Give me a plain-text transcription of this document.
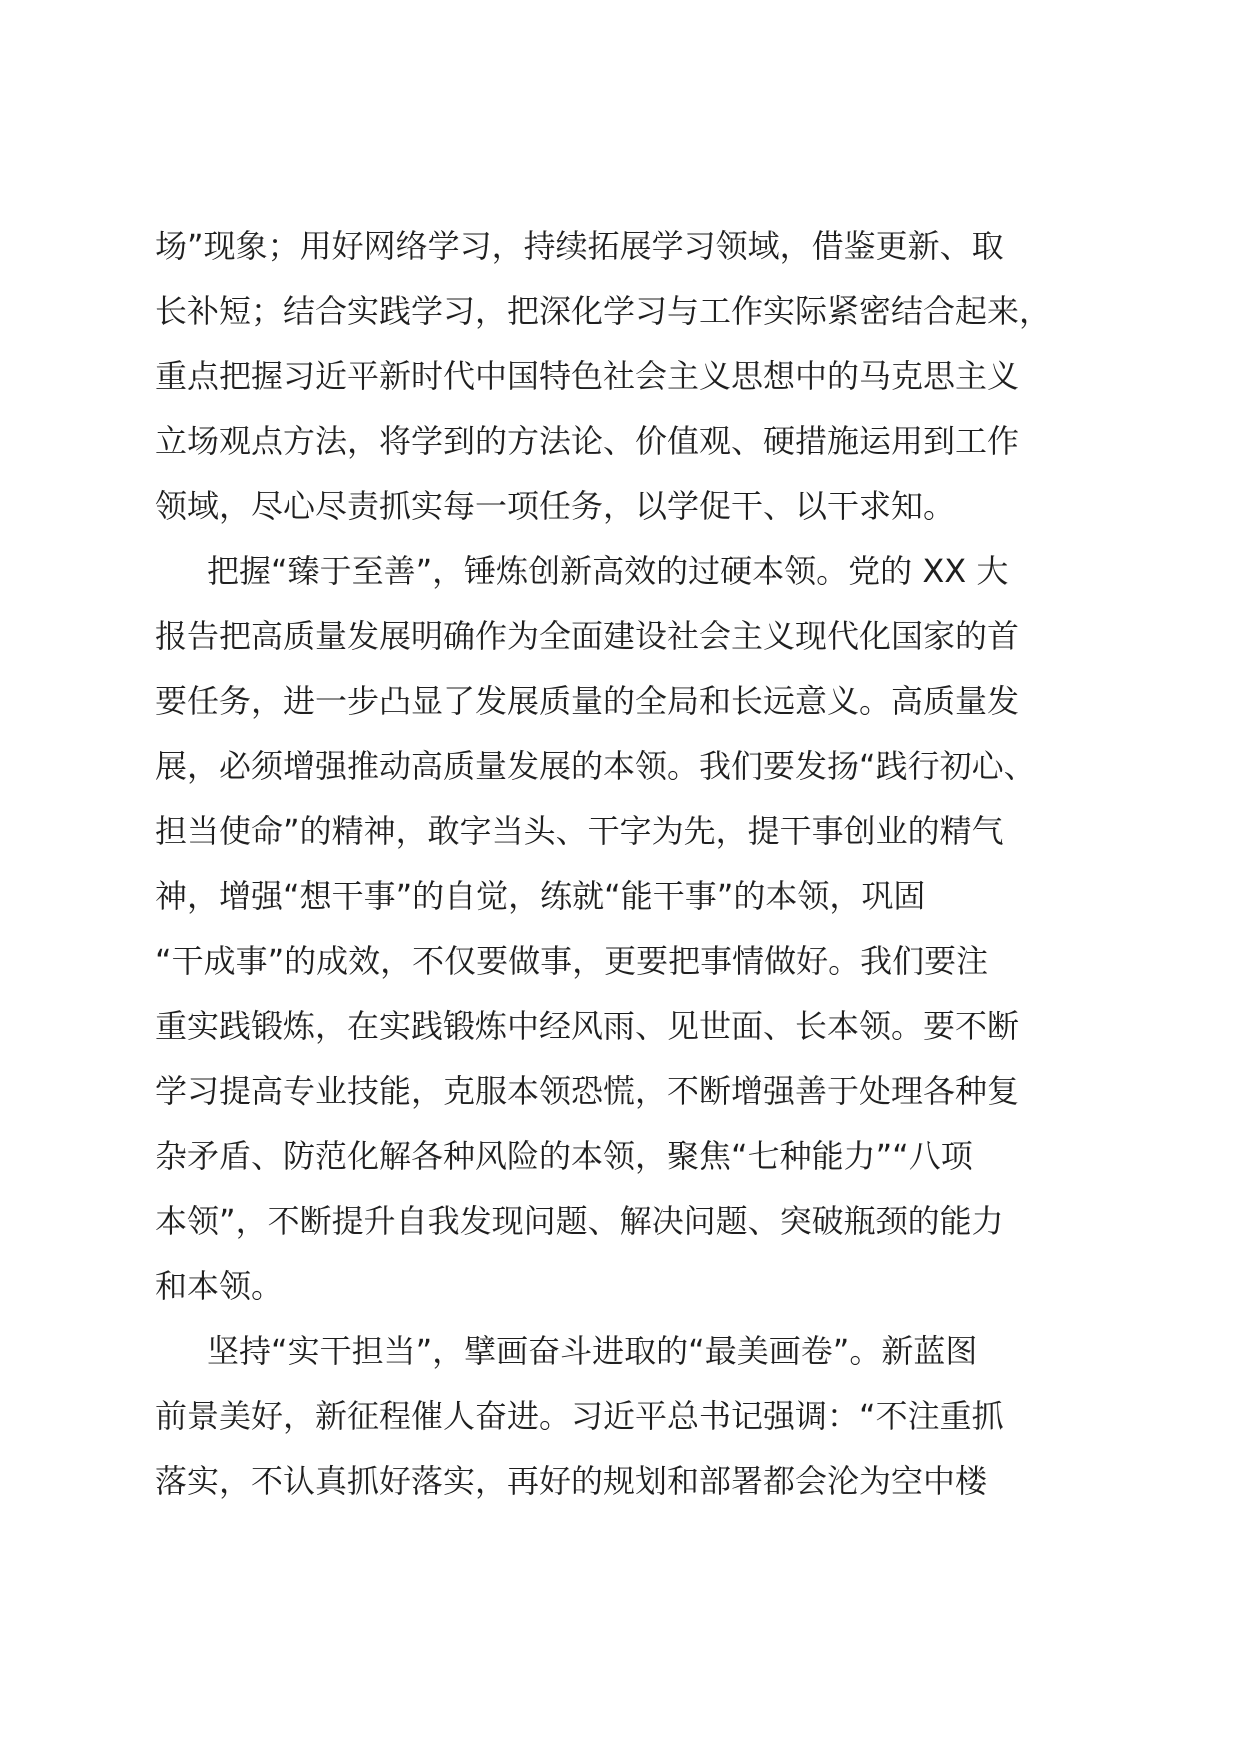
场”现象；用好网络学习，持续拓展学习领域，借鉴更新、取
长补短；结合实践学习，把深化学习与工作实际紧密结合起来，
重点把握习近平新时代中国特色社会主义思想中的马克思主义
立场观点方法，将学到的方法论、价值观、硬措施运用到工作
领域，尽心尽责抓实每一项任务，以学促干、以干求知。
把握“臻于至善”，锤炼创新高效的过硬本领。党的 XX 大
报告把高质量发展明确作为全面建设社会主义现代化国家的首
要任务，进一步凸显了发展质量的全局和长远意义。高质量发
展，必须增强推动高质量发展的本领。我们要发扬“践行初心、
担当使命”的精神，敢字当头、干字为先，提干事创业的精气
神，增强“想干事”的自觉，练就“能干事”的本领，巩固
“干成事”的成效，不仅要做事，更要把事情做好。我们要注
重实践锻炼，在实践锻炼中经风雨、见世面、长本领。要不断
学习提高专业技能，克服本领恐慌，不断增强善于处理各种复
杂矛盾、防范化解各种风险的本领，聚焦“七种能力”“八项
本领”，不断提升自我发现问题、解决问题、突破瓶颈的能力
和本领。
坚持“实干担当”，擘画奋斗进取的“最美画卷”。新蓝图
前景美好，新征程催人奋进。习近平总书记强调：“不注重抓
落实，不认真抓好落实，再好的规划和部署都会沦为空中楼
